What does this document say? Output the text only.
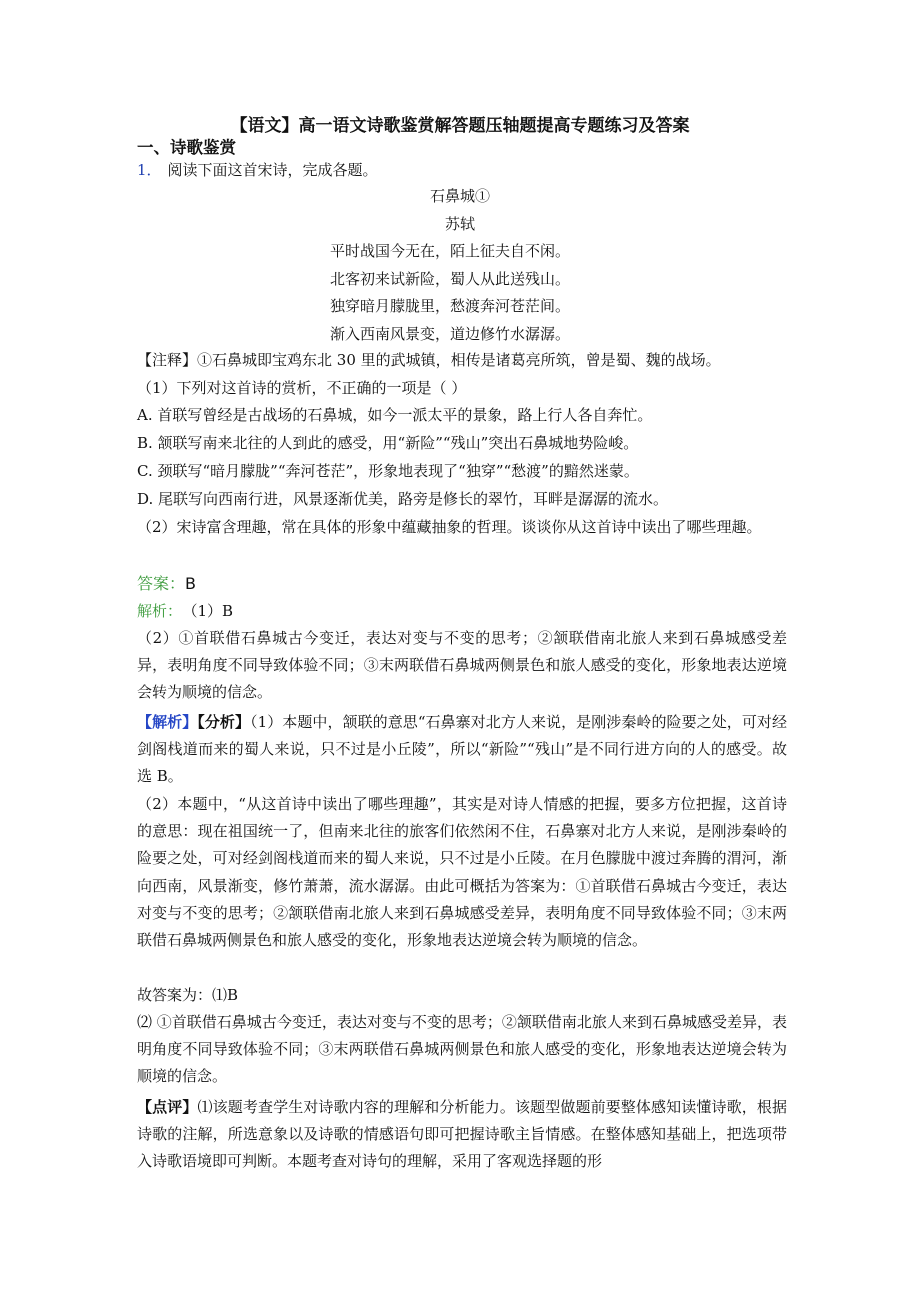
【语文】高一语文诗歌鉴赏解答题压轴题提高专题练习及答案
一、诗歌鉴赏
1． 阅读下面这首宋诗，完成各题。
石鼻城①
苏轼
平时战国今无在，陌上征夫自不闲。
北客初来试新险，蜀人从此送残山。
独穿暗月朦胧里，愁渡奔河苍茫间。
渐入西南风景变，道边修竹水潺潺。
【注释】①石鼻城即宝鸡东北 30 里的武城镇，相传是诸葛亮所筑，曾是蜀、魏的战场。
（1）下列对这首诗的赏析，不正确的一项是（ ）
A. 首联写曾经是古战场的石鼻城，如今一派太平的景象，路上行人各自奔忙。
B. 颔联写南来北往的人到此的感受，用“新险”“残山”突出石鼻城地势险峻。
C. 颈联写“暗月朦胧”“奔河苍茫”，形象地表现了“独穿”“愁渡”的黯然迷蒙。
D. 尾联写向西南行进，风景逐渐优美，路旁是修长的翠竹，耳畔是潺潺的流水。
（2）宋诗富含理趣，常在具体的形象中蕴藏抽象的哲理。谈谈你从这首诗中读出了哪些理趣。
答案：B
解析： （1）B
（2）①首联借石鼻城古今变迁，表达对变与不变的思考；②颔联借南北旅人来到石鼻城感受差异，表明角度不同导致体验不同；③末两联借石鼻城两侧景色和旅人感受的变化，形象地表达逆境会转为顺境的信念。
【解析】【分析】（1）本题中，颔联的意思“石鼻寨对北方人来说，是刚涉秦岭的险要之处，可对经剑阁栈道而来的蜀人来说，只不过是小丘陵”，所以“新险”“残山”是不同行进方向的人的感受。故选 B。
（2）本题中，“从这首诗中读出了哪些理趣”，其实是对诗人情感的把握，要多方位把握，这首诗的意思：现在祖国统一了，但南来北往的旅客们依然闲不住，石鼻寨对北方人来说，是刚涉秦岭的险要之处，可对经剑阁栈道而来的蜀人来说，只不过是小丘陵。在月色朦胧中渡过奔腾的渭河，渐向西南，风景渐变，修竹萧萧，流水潺潺。由此可概括为答案为：①首联借石鼻城古今变迁，表达对变与不变的思考；②颔联借南北旅人来到石鼻城感受差异，表明角度不同导致体验不同；③末两联借石鼻城两侧景色和旅人感受的变化，形象地表达逆境会转为顺境的信念。
故答案为：⑴B
⑵ ①首联借石鼻城古今变迁，表达对变与不变的思考；②颔联借南北旅人来到石鼻城感受差异，表明角度不同导致体验不同；③末两联借石鼻城两侧景色和旅人感受的变化，形象地表达逆境会转为顺境的信念。
【点评】⑴该题考查学生对诗歌内容的理解和分析能力。该题型做题前要整体感知读懂诗歌，根据诗歌的注解，所选意象以及诗歌的情感语句即可把握诗歌主旨情感。在整体感知基础上，把选项带入诗歌语境即可判断。本题考查对诗句的理解，采用了客观选择题的形
